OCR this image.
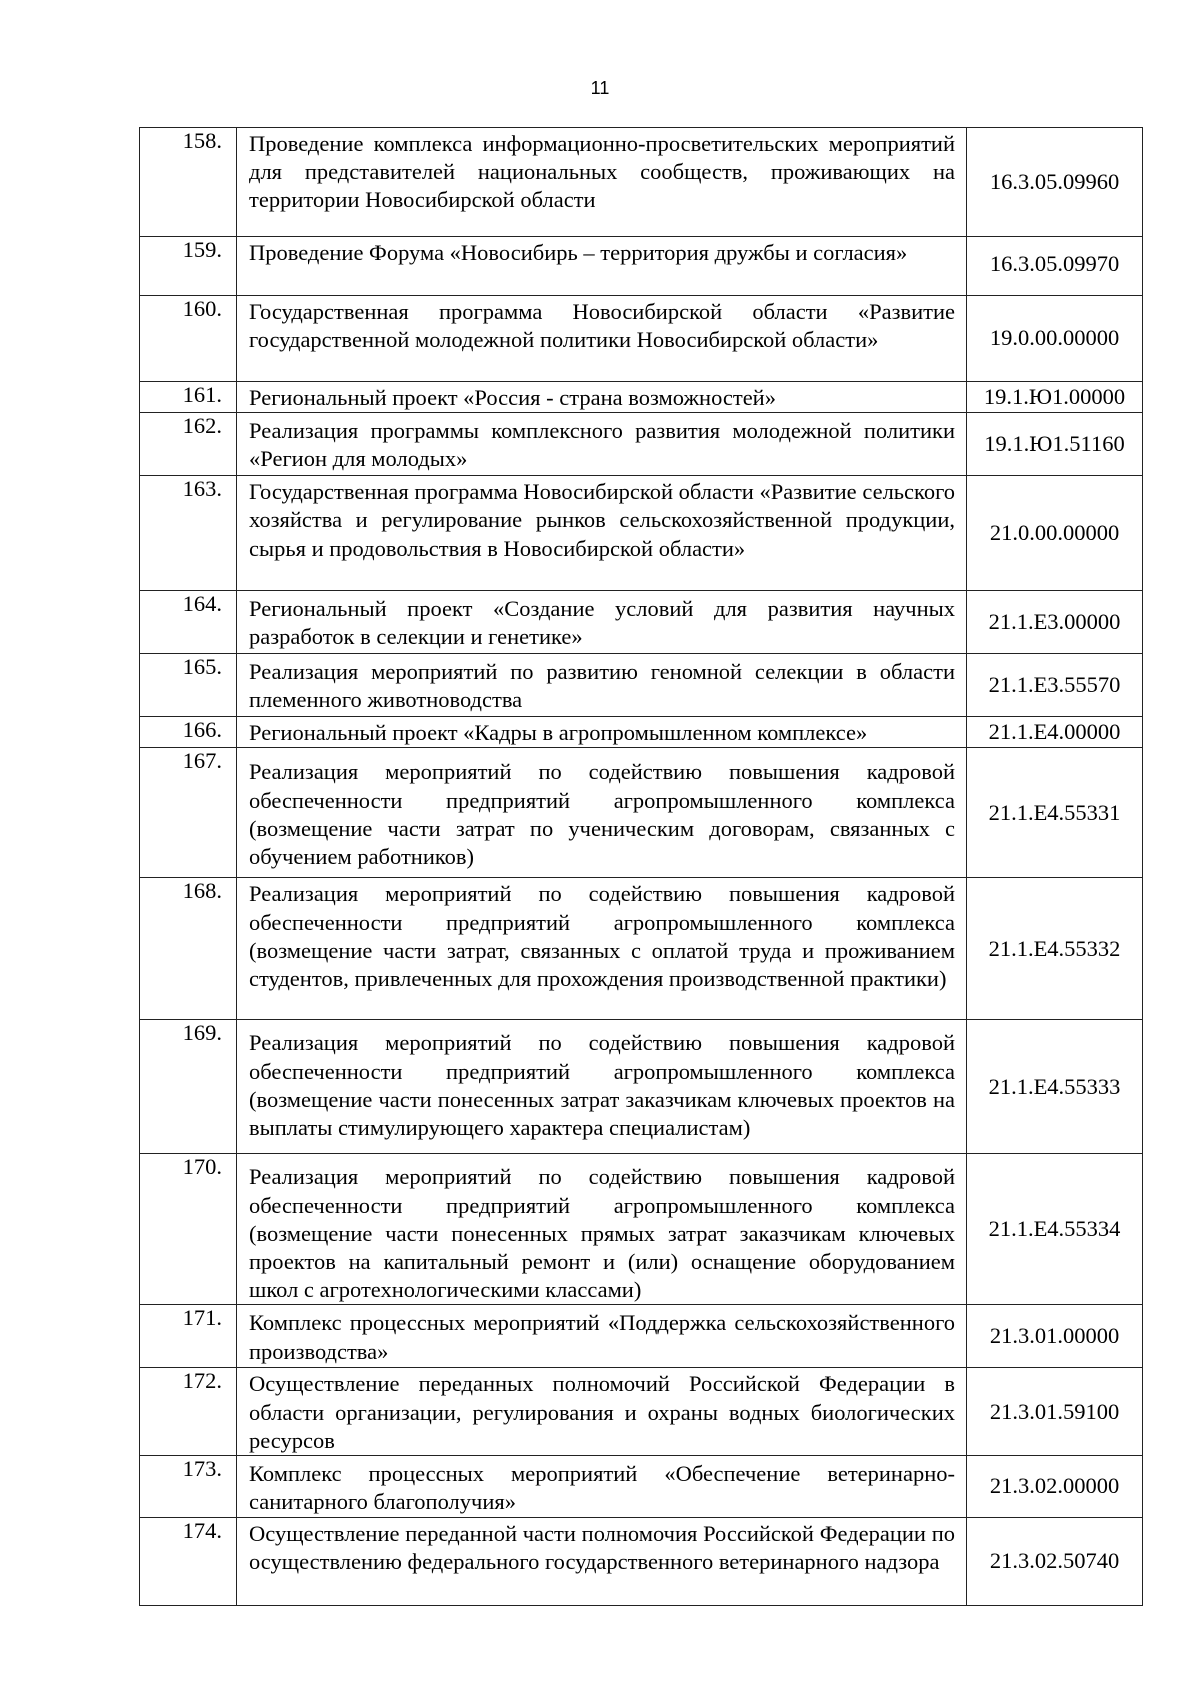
11
158.	Проведение комплекса информационно-просветительских мероприятий для представителей национальных сообществ, проживающих на территории Новосибирской области	16.3.05.09960
159.	Проведение Форума «Новосибирь – территория дружбы и согласия»	16.3.05.09970
160.	Государственная программа Новосибирской области «Развитие государственной молодежной политики Новосибирской области»	19.0.00.00000
161.	Региональный проект «Россия - страна возможностей»	19.1.Ю1.00000
162.	Реализация программы комплексного развития молодежной политики «Регион для молодых»	19.1.Ю1.51160
163.	Государственная программа Новосибирской области «Развитие сельского хозяйства и регулирование рынков сельскохозяйственной продукции, сырья и продовольствия в Новосибирской области»	21.0.00.00000
164.	Региональный проект «Создание условий для развития научных разработок в селекции и генетике»	21.1.Е3.00000
165.	Реализация мероприятий по развитию геномной селекции в области племенного животноводства	21.1.Е3.55570
166.	Региональный проект «Кадры в агропромышленном комплексе»	21.1.Е4.00000
167.	Реализация мероприятий по содействию повышения кадровой обеспеченности предприятий агропромышленного комплекса (возмещение части затрат по ученическим договорам, связанных с обучением работников)	21.1.Е4.55331
168.	Реализация мероприятий по содействию повышения кадровой обеспеченности предприятий агропромышленного комплекса (возмещение части затрат, связанных с оплатой труда и проживанием студентов, привлеченных для прохождения производственной практики)	21.1.Е4.55332
169.	Реализация мероприятий по содействию повышения кадровой обеспеченности предприятий агропромышленного комплекса (возмещение части понесенных затрат заказчикам ключевых проектов на выплаты стимулирующего характера специалистам)	21.1.Е4.55333
170.	Реализация мероприятий по содействию повышения кадровой обеспеченности предприятий агропромышленного комплекса (возмещение части понесенных прямых затрат заказчикам ключевых проектов на капитальный ремонт и (или) оснащение оборудованием школ с агротехнологическими классами)	21.1.Е4.55334
171.	Комплекс процессных мероприятий «Поддержка сельскохозяйственного производства»	21.3.01.00000
172.	Осуществление переданных полномочий Российской Федерации в области организации, регулирования и охраны водных биологических ресурсов	21.3.01.59100
173.	Комплекс процессных мероприятий «Обеспечение ветеринарно-санитарного благополучия»	21.3.02.00000
174.	Осуществление переданной части полномочия Российской Федерации по осуществлению федерального государственного ветеринарного надзора	21.3.02.50740
